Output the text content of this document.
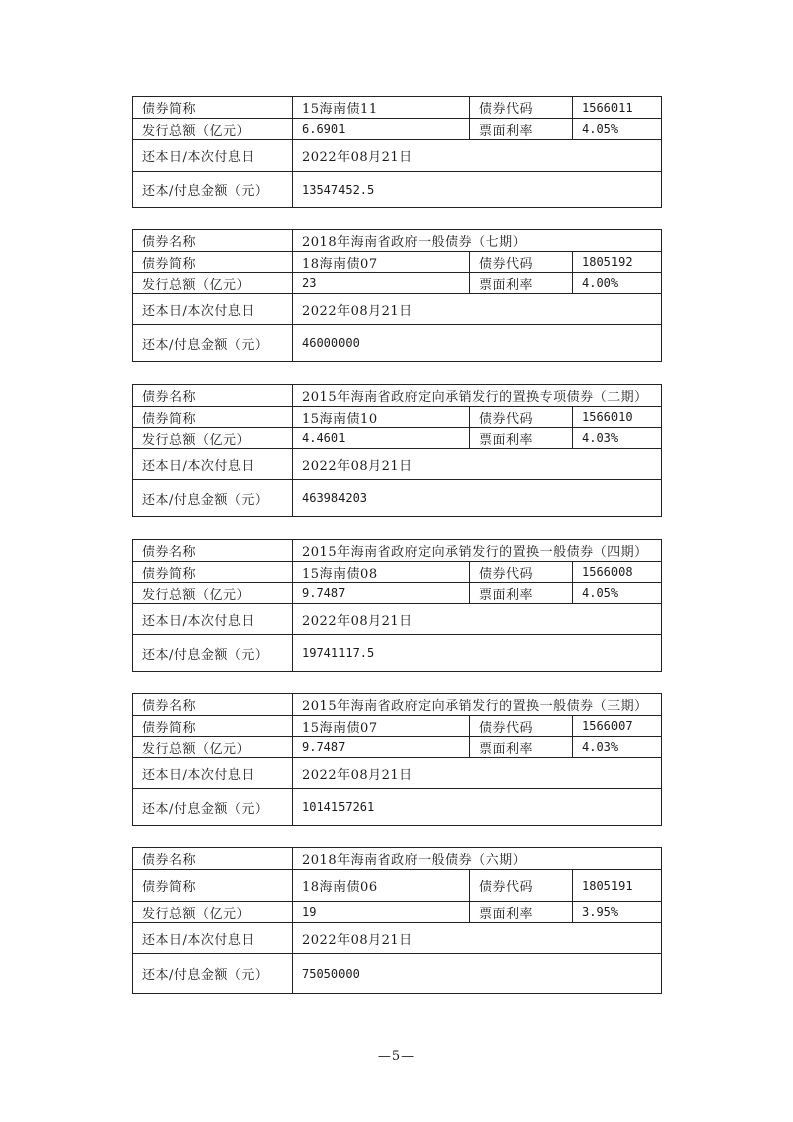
债券简称	15海南债11	债券代码	1566011
发行总额（亿元）	6.6901	票面利率	4.05%
还本日/本次付息日	2022年08月21日
还本/付息金额（元）	13547452.5
债券名称	2018年海南省政府一般债券（七期）
债券简称	18海南债07	债券代码	1805192
发行总额（亿元）	23	票面利率	4.00%
还本日/本次付息日	2022年08月21日
还本/付息金额（元）	46000000
债券名称	2015年海南省政府定向承销发行的置换专项债券（二期）
债券简称	15海南债10	债券代码	1566010
发行总额（亿元）	4.4601	票面利率	4.03%
还本日/本次付息日	2022年08月21日
还本/付息金额（元）	463984203
债券名称	2015年海南省政府定向承销发行的置换一般债券（四期）
债券简称	15海南债08	债券代码	1566008
发行总额（亿元）	9.7487	票面利率	4.05%
还本日/本次付息日	2022年08月21日
还本/付息金额（元）	19741117.5
债券名称	2015年海南省政府定向承销发行的置换一般债券（三期）
债券简称	15海南债07	债券代码	1566007
发行总额（亿元）	9.7487	票面利率	4.03%
还本日/本次付息日	2022年08月21日
还本/付息金额（元）	1014157261
债券名称	2018年海南省政府一般债券（六期）
债券简称	18海南债06	债券代码	1805191
发行总额（亿元）	19	票面利率	3.95%
还本日/本次付息日	2022年08月21日
还本/付息金额（元）	75050000
—5—
